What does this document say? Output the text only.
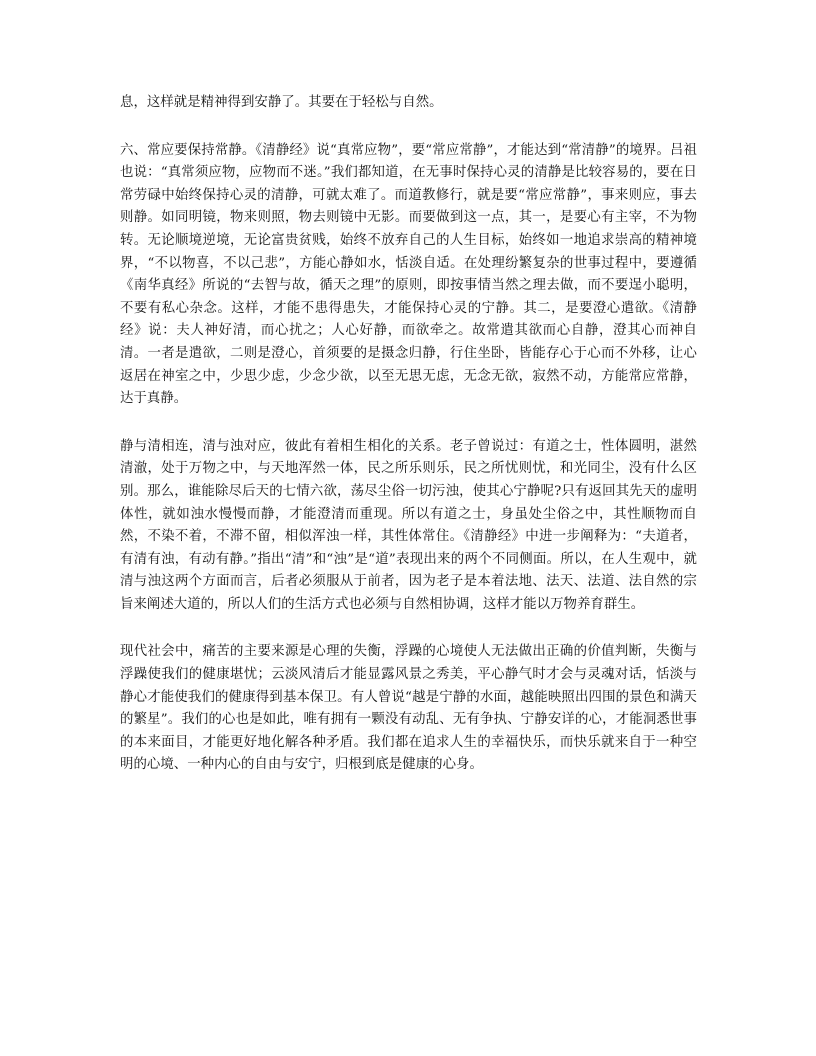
息，这样就是精神得到安静了。其要在于轻松与自然。

六、常应要保持常静。《清静经》说“真常应物”，要“常应常静”，才能达到“常清静”的境界。吕祖也说：“真常须应物，应物而不迷。”我们都知道，在无事时保持心灵的清静是比较容易的，要在日常劳碌中始终保持心灵的清静，可就太难了。而道教修行，就是要“常应常静”，事来则应，事去则静。如同明镜，物来则照，物去则镜中无影。而要做到这一点，其一，是要心有主宰，不为物转。无论顺境逆境，无论富贵贫贱，始终不放弃自己的人生目标，始终如一地追求崇高的精神境界，“不以物喜，不以己悲”，方能心静如水，恬淡自适。在处理纷繁复杂的世事过程中，要遵循《南华真经》所说的“去智与故，循天之理”的原则，即按事情当然之理去做，而不要逞小聪明，不要有私心杂念。这样，才能不患得患失，才能保持心灵的宁静。其二，是要澄心遣欲。《清静经》说：夫人神好清，而心扰之；人心好静，而欲牵之。故常遣其欲而心自静，澄其心而神自清。一者是遣欲，二则是澄心，首须要的是摄念归静，行住坐卧，皆能存心于心而不外移，让心返居在神室之中，少思少虑，少念少欲，以至无思无虑，无念无欲，寂然不动，方能常应常静，达于真静。

静与清相连，清与浊对应，彼此有着相生相化的关系。老子曾说过：有道之士，性体圆明，湛然清澈，处于万物之中，与天地浑然一体，民之所乐则乐，民之所忧则忧，和光同尘，没有什么区别。那么，谁能除尽后天的七情六欲，荡尽尘俗一切污浊，使其心宁静呢?只有返回其先天的虚明体性，就如浊水慢慢而静，才能澄清而重现。所以有道之士，身虽处尘俗之中，其性顺物而自然，不染不着，不滞不留，相似浑浊一样，其性体常住。《清静经》中进一步阐释为：“夫道者，有清有浊，有动有静。”指出“清”和“浊”是“道”表现出来的两个不同侧面。所以，在人生观中，就清与浊这两个方面而言，后者必须服从于前者，因为老子是本着法地、法天、法道、法自然的宗旨来阐述大道的，所以人们的生活方式也必须与自然相协调，这样才能以万物养育群生。

现代社会中，痛苦的主要来源是心理的失衡，浮躁的心境使人无法做出正确的价值判断，失衡与浮躁使我们的健康堪忧；云淡风清后才能显露风景之秀美，平心静气时才会与灵魂对话，恬淡与静心才能使我们的健康得到基本保卫。有人曾说“越是宁静的水面，越能映照出四围的景色和满天的繁星”。我们的心也是如此，唯有拥有一颗没有动乱、无有争执、宁静安详的心，才能洞悉世事的本来面目，才能更好地化解各种矛盾。我们都在追求人生的幸福快乐，而快乐就来自于一种空明的心境、一种内心的自由与安宁，归根到底是健康的心身。
